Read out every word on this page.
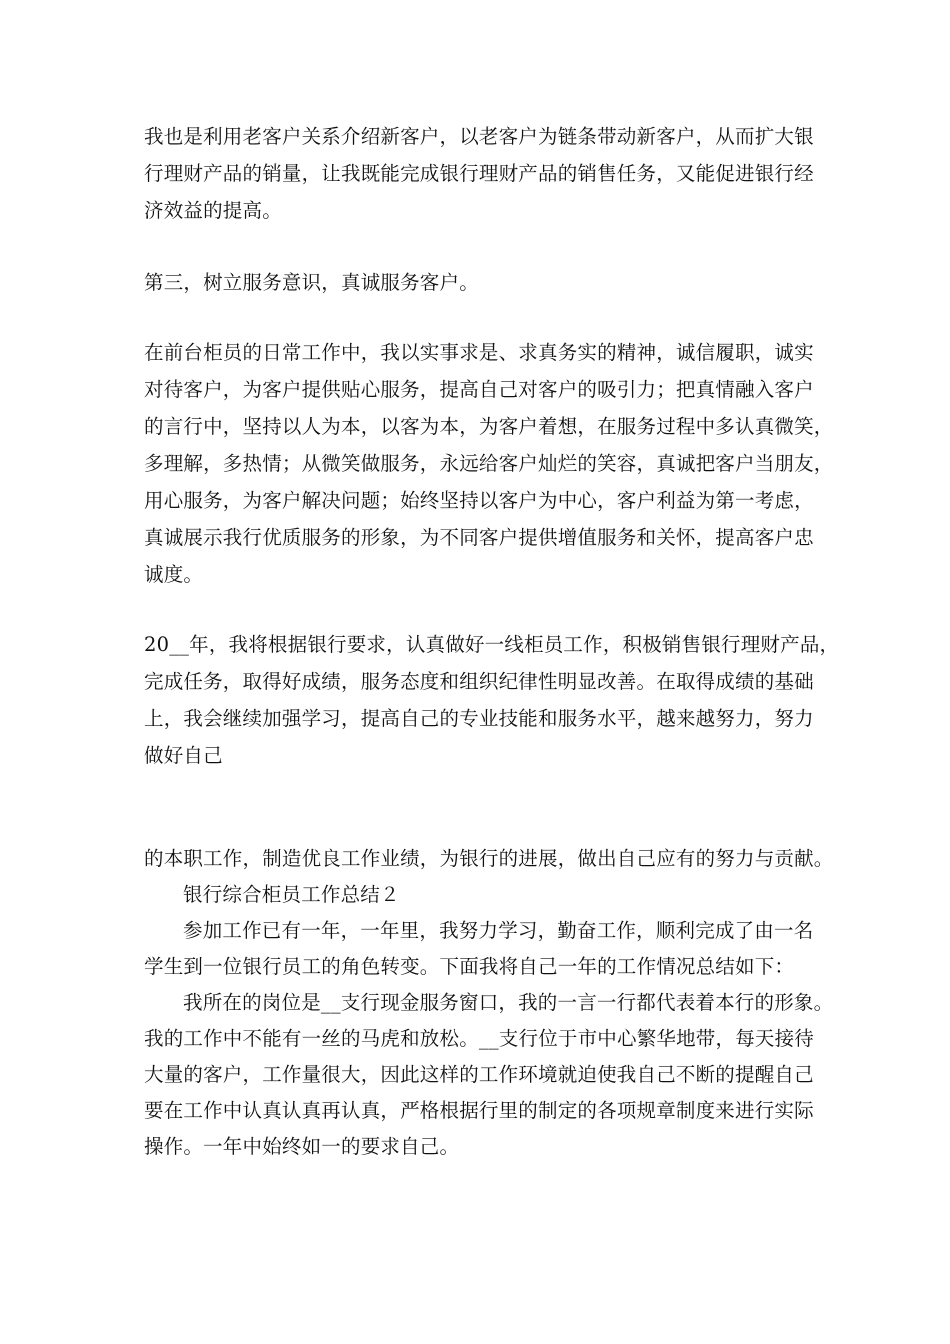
我也是利用老客户关系介绍新客户，以老客户为链条带动新客户，从而扩大银
行理财产品的销量，让我既能完成银行理财产品的销售任务，又能促进银行经
济效益的提高。
第三，树立服务意识，真诚服务客户。
在前台柜员的日常工作中，我以实事求是、求真务实的精神，诚信履职，诚实
对待客户，为客户提供贴心服务，提高自己对客户的吸引力；把真情融入客户
的言行中，坚持以人为本，以客为本，为客户着想，在服务过程中多认真微笑，
多理解，多热情；从微笑做服务，永远给客户灿烂的笑容，真诚把客户当朋友，
用心服务，为客户解决问题；始终坚持以客户为中心，客户利益为第一考虑，
真诚展示我行优质服务的形象，为不同客户提供增值服务和关怀，提高客户忠
诚度。
20__年，我将根据银行要求，认真做好一线柜员工作，积极销售银行理财产品，
完成任务，取得好成绩，服务态度和组织纪律性明显改善。在取得成绩的基础
上，我会继续加强学习，提高自己的专业技能和服务水平，越来越努力，努力
做好自己
的本职工作，制造优良工作业绩，为银行的进展，做出自己应有的努力与贡献。
银行综合柜员工作总结２
参加工作已有一年，一年里，我努力学习，勤奋工作，顺利完成了由一名
学生到一位银行员工的角色转变。下面我将自己一年的工作情况总结如下：
我所在的岗位是__支行现金服务窗口，我的一言一行都代表着本行的形象。
我的工作中不能有一丝的马虎和放松。__支行位于市中心繁华地带，每天接待
大量的客户，工作量很大，因此这样的工作环境就迫使我自己不断的提醒自己
要在工作中认真认真再认真，严格根据行里的制定的各项规章制度来进行实际
操作。一年中始终如一的要求自己。
